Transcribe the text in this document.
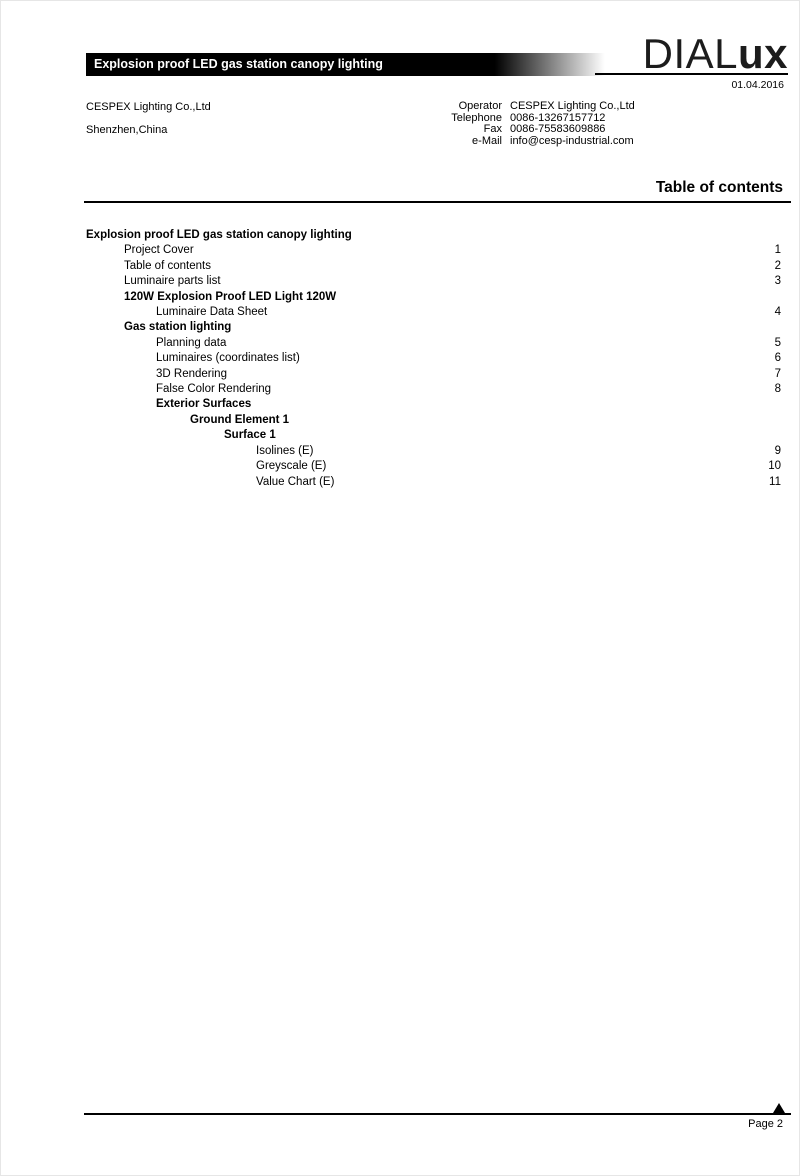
Explosion proof LED gas station canopy lighting	DIALux
01.04.2016
CESPEX Lighting Co.,Ltd
Shenzhen,China
Operator CESPEX Lighting Co.,Ltd
Telephone 0086-13267157712
Fax 0086-75583609886
e-Mail info@cesp-industrial.com
Table of contents
Explosion proof LED gas station canopy lighting
Project Cover	1
Table of contents	2
Luminaire parts list	3
120W Explosion Proof LED Light 120W
Luminaire Data Sheet	4
Gas station lighting
Planning data	5
Luminaires (coordinates list)	6
3D Rendering	7
False Color Rendering	8
Exterior Surfaces
Ground Element 1
Surface 1
Isolines (E)	9
Greyscale (E)	10
Value Chart (E)	11
Page 2
